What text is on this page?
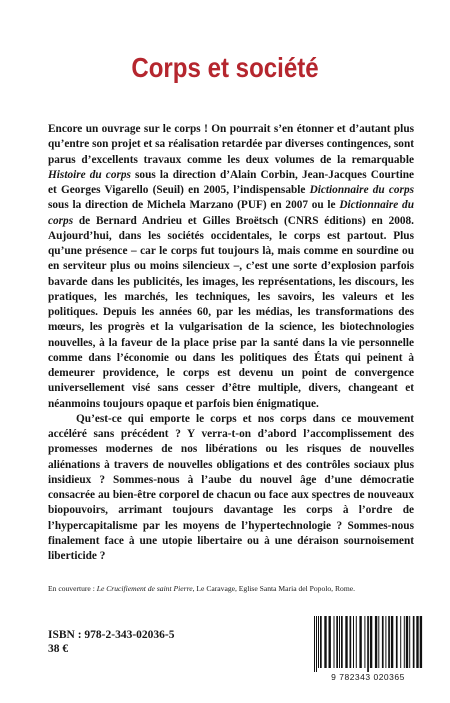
Corps et société

Encore un ouvrage sur le corps ! On pourrait s’en étonner et d’autant plus qu’entre son projet et sa réalisation retardée par diverses contingences, sont parus d’excellents travaux comme les deux volumes de la remarquable Histoire du corps sous la direction d’Alain Corbin, Jean-Jacques Courtine et Georges Vigarello (Seuil) en 2005, l’indispensable Dictionnaire du corps sous la direction de Michela Marzano (PUF) en 2007 ou le Dictionnaire du corps de Bernard Andrieu et Gilles Broëtsch (CNRS éditions) en 2008. Aujourd’hui, dans les sociétés occidentales, le corps est partout. Plus qu’une présence – car le corps fut toujours là, mais comme en sourdine ou en serviteur plus ou moins silencieux –, c’est une sorte d’explosion parfois bavarde dans les publicités, les images, les représentations, les discours, les pratiques, les marchés, les techniques, les savoirs, les valeurs et les politiques. Depuis les années 60, par les médias, les transformations des mœurs, les progrès et la vulgarisation de la science, les biotechnologies nouvelles, à la faveur de la place prise par la santé dans la vie personnelle comme dans l’économie ou dans les politiques des États qui peinent à demeurer providence, le corps est devenu un point de convergence universellement visé sans cesser d’être multiple, divers, changeant et néanmoins toujours opaque et parfois bien énigmatique.

Qu’est-ce qui emporte le corps et nos corps dans ce mouvement accéléré sans précédent ? Y verra-t-on d’abord l’accomplissement des promesses modernes de nos libérations ou les risques de nouvelles aliénations à travers de nouvelles obligations et des contrôles sociaux plus insidieux ? Sommes-nous à l’aube du nouvel âge d’une démocratie consacrée au bien-être corporel de chacun ou face aux spectres de nouveaux biopouvoirs, arrimant toujours davantage les corps à l’ordre de l’hypercapitalisme par les moyens de l’hypertechnologie ? Sommes-nous finalement face à une utopie libertaire ou à une déraison sournoisement liberticide ?

En couverture : Le Crucifiement de saint Pierre, Le Caravage, Eglise Santa Maria del Popolo, Rome.
ISBN : 978-2-343-02036-5
38 €
9 782343 020365
